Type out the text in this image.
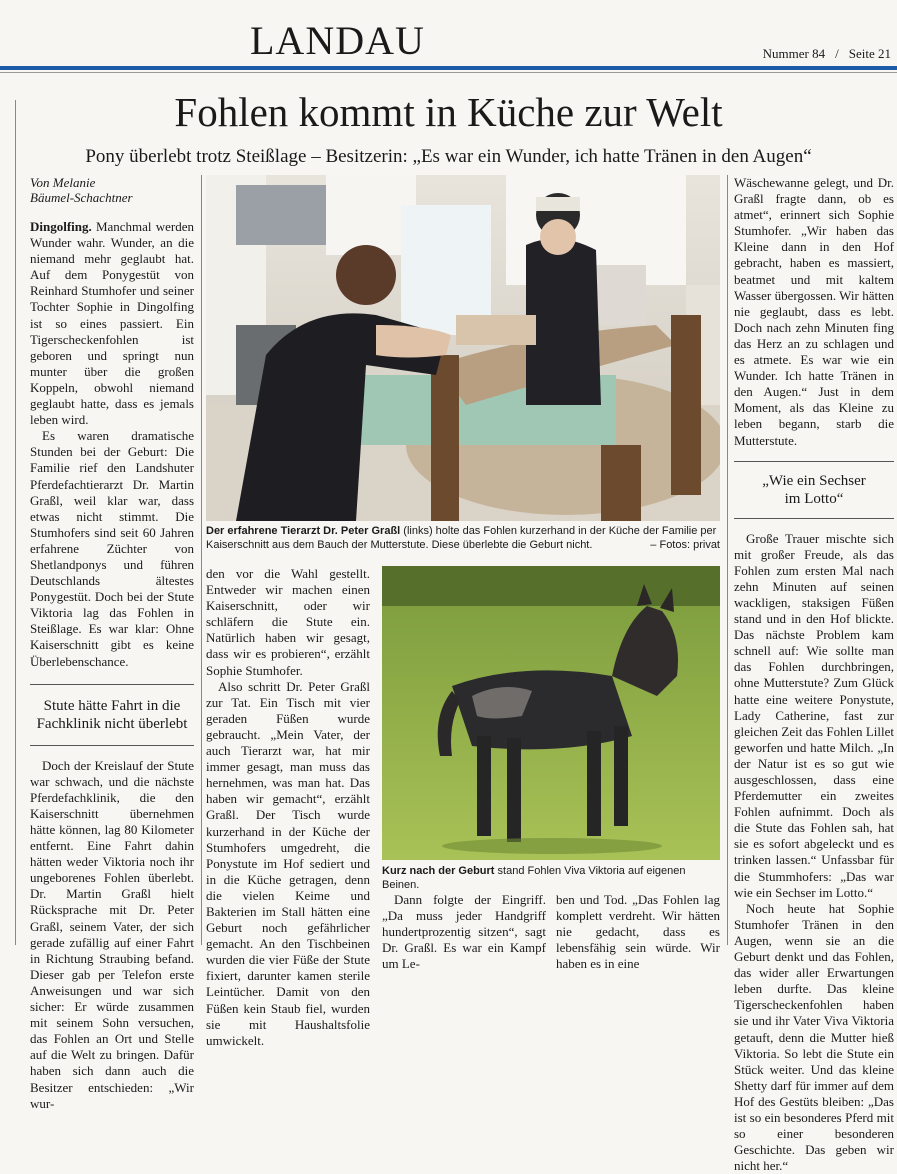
LANDAU	Nummer 84 / Seite 21
Fohlen kommt in Küche zur Welt
Pony überlebt trotz Steißlage – Besitzerin: „Es war ein Wunder, ich hatte Tränen in den Augen“
Von Melanie
Bäumel-Schachtner

Dingolfing. Manchmal werden Wunder wahr. Wunder, an die niemand mehr geglaubt hat. Auf dem Ponygestüt von Reinhard Stumhofer und seiner Tochter Sophie in Dingolfing ist so eines passiert. Ein Tigerscheckenfohlen ist geboren und springt nun munter über die großen Koppeln, obwohl niemand geglaubt hatte, dass es jemals leben wird.

Es waren dramatische Stunden bei der Geburt: Die Familie rief den Landshuter Pferdefachtierarzt Dr. Martin Graßl, weil klar war, dass etwas nicht stimmt. Die Stumhofers sind seit 60 Jahren erfahrene Züchter von Shetlandponys und führen Deutschlands ältestes Ponygestüt. Doch bei der Stute Viktoria lag das Fohlen in Steißlage. Es war klar: Ohne Kaiserschnitt gibt es keine Überlebenschance.

Stute hätte Fahrt in die
Fachklinik nicht überlebt

Doch der Kreislauf der Stute war schwach, und die nächste Pferdefachklinik, die den Kaiserschnitt übernehmen hätte können, lag 80 Kilometer entfernt. Eine Fahrt dahin hätten weder Viktoria noch ihr ungeborenes Fohlen überlebt. Dr. Martin Graßl hielt Rücksprache mit Dr. Peter Graßl, seinem Vater, der sich gerade zufällig auf einer Fahrt in Richtung Straubing befand. Dieser gab per Telefon erste Anweisungen und war sich sicher: Er würde zusammen mit seinem Sohn versuchen, das Fohlen an Ort und Stelle auf die Welt zu bringen. Dafür haben sich dann auch die Besitzer entschieden: „Wir wur-

Der erfahrene Tierarzt Dr. Peter Graßl (links) holte das Fohlen kurzerhand in der Küche der Familie per Kaiserschnitt aus dem Bauch der Mutterstute. Diese überlebte die Geburt nicht.	– Fotos: privat

den vor die Wahl gestellt. Entweder wir machen einen Kaiserschnitt, oder wir schläfern die Stute ein. Natürlich haben wir gesagt, dass wir es probieren“, erzählt Sophie Stumhofer.

Also schritt Dr. Peter Graßl zur Tat. Ein Tisch mit vier geraden Füßen wurde gebraucht. „Mein Vater, der auch Tierarzt war, hat mir immer gesagt, man muss das hernehmen, was man hat. Das haben wir gemacht“, erzählt Graßl. Der Tisch wurde kurzerhand in der Küche der Stumhofers umgedreht, die Ponystute im Hof sediert und in die Küche getragen, denn die vielen Keime und Bakterien im Stall hätten eine Geburt noch gefährlicher gemacht. An den Tischbeinen wurden die vier Füße der Stute fixiert, darunter kamen sterile Leintücher. Damit von den Füßen kein Staub fiel, wurden sie mit Haushaltsfolie umwickelt.

Kurz nach der Geburt stand Fohlen Viva Viktoria auf eigenen Beinen.

Dann folgte der Eingriff. „Da muss jeder Handgriff hundertprozentig sitzen“, sagt Dr. Graßl. Es war ein Kampf um Le-

ben und Tod. „Das Fohlen lag komplett verdreht. Wir hätten nie gedacht, dass es lebensfähig sein würde. Wir haben es in eine

Wäschewanne gelegt, und Dr. Graßl fragte dann, ob es atmet“, erinnert sich Sophie Stumhofer. „Wir haben das Kleine dann in den Hof gebracht, haben es massiert, beatmet und mit kaltem Wasser übergossen. Wir hätten nie geglaubt, dass es lebt. Doch nach zehn Minuten fing das Herz an zu schlagen und es atmete. Es war wie ein Wunder. Ich hatte Tränen in den Augen.“ Just in dem Moment, als das Kleine zu leben begann, starb die Mutterstute.

„Wie ein Sechser
im Lotto“

Große Trauer mischte sich mit großer Freude, als das Fohlen zum ersten Mal nach zehn Minuten auf seinen wackligen, staksigen Füßen stand und in den Hof blickte. Das nächste Problem kam schnell auf: Wie sollte man das Fohlen durchbringen, ohne Mutterstute? Zum Glück hatte eine weitere Ponystute, Lady Catherine, fast zur gleichen Zeit das Fohlen Lillet geworfen und hatte Milch. „In der Natur ist es so gut wie ausgeschlossen, dass eine Pferdemutter ein zweites Fohlen aufnimmt. Doch als die Stute das Fohlen sah, hat sie es sofort abgeleckt und es trinken lassen.“ Unfassbar für die Stummhofers: „Das war wie ein Sechser im Lotto.“

Noch heute hat Sophie Stumhofer Tränen in den Augen, wenn sie an die Geburt denkt und das Fohlen, das wider aller Erwartungen leben durfte. Das kleine Tigerscheckenfohlen haben sie und ihr Vater Viva Viktoria getauft, denn die Mutter hieß Viktoria. So lebt die Stute ein Stück weiter. Und das kleine Shetty darf für immer auf dem Hof des Gestüts bleiben: „Das ist so ein besonderes Pferd mit so einer besonderen Geschichte. Das geben wir nicht her.“
